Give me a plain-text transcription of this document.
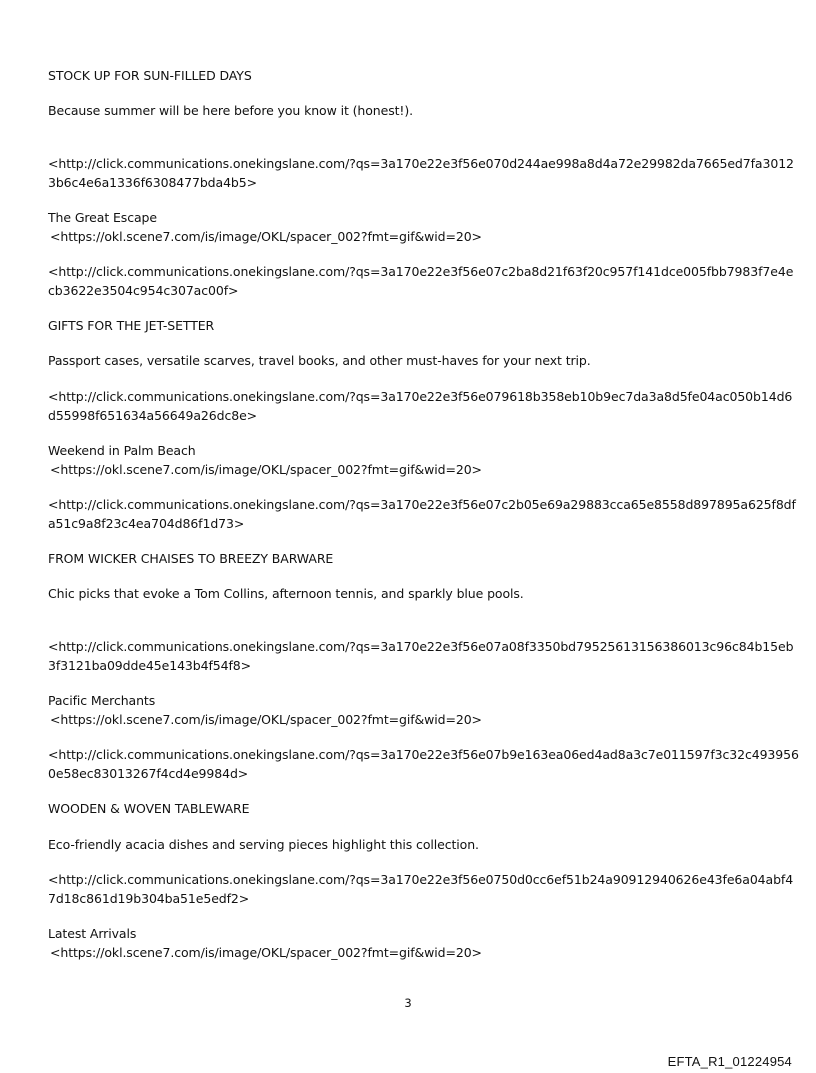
STOCK UP FOR SUN-FILLED DAYS
Because summer will be here before you know it (honest!).
<http://click.communications.onekingslane.com/?qs=3a170e22e3f56e070d244ae998a8d4a72e29982da7665ed7fa3012
3b6c4e6a1336f6308477bda4b5>
The Great Escape
<https://okl.scene7.com/is/image/OKL/spacer_002?fmt=gif&wid=20>
<http://click.communications.onekingslane.com/?qs=3a170e22e3f56e07c2ba8d21f63f20c957f141dce005fbb7983f7e4e
cb3622e3504c954c307ac00f>
GIFTS FOR THE JET-SETTER
Passport cases, versatile scarves, travel books, and other must-haves for your next trip.
<http://click.communications.onekingslane.com/?qs=3a170e22e3f56e079618b358eb10b9ec7da3a8d5fe04ac050b14d6
d55998f651634a56649a26dc8e>
Weekend in Palm Beach
<https://okl.scene7.com/is/image/OKL/spacer_002?fmt=gif&wid=20>
<http://click.communications.onekingslane.com/?qs=3a170e22e3f56e07c2b05e69a29883cca65e8558d897895a625f8df
a51c9a8f23c4ea704d86f1d73>
FROM WICKER CHAISES TO BREEZY BARWARE
Chic picks that evoke a Tom Collins, afternoon tennis, and sparkly blue pools.
<http://click.communications.onekingslane.com/?qs=3a170e22e3f56e07a08f3350bd79525613156386013c96c84b15eb
3f3121ba09dde45e143b4f54f8>
Pacific Merchants
<https://okl.scene7.com/is/image/OKL/spacer_002?fmt=gif&wid=20>
<http://click.communications.onekingslane.com/?qs=3a170e22e3f56e07b9e163ea06ed4ad8a3c7e011597f3c32c493956
0e58ec83013267f4cd4e9984d>
WOODEN & WOVEN TABLEWARE
Eco-friendly acacia dishes and serving pieces highlight this collection.
<http://click.communications.onekingslane.com/?qs=3a170e22e3f56e0750d0cc6ef51b24a90912940626e43fe6a04abf4
7d18c861d19b304ba51e5edf2>
Latest Arrivals
<https://okl.scene7.com/is/image/OKL/spacer_002?fmt=gif&wid=20>
3
EFTA_R1_01224954
